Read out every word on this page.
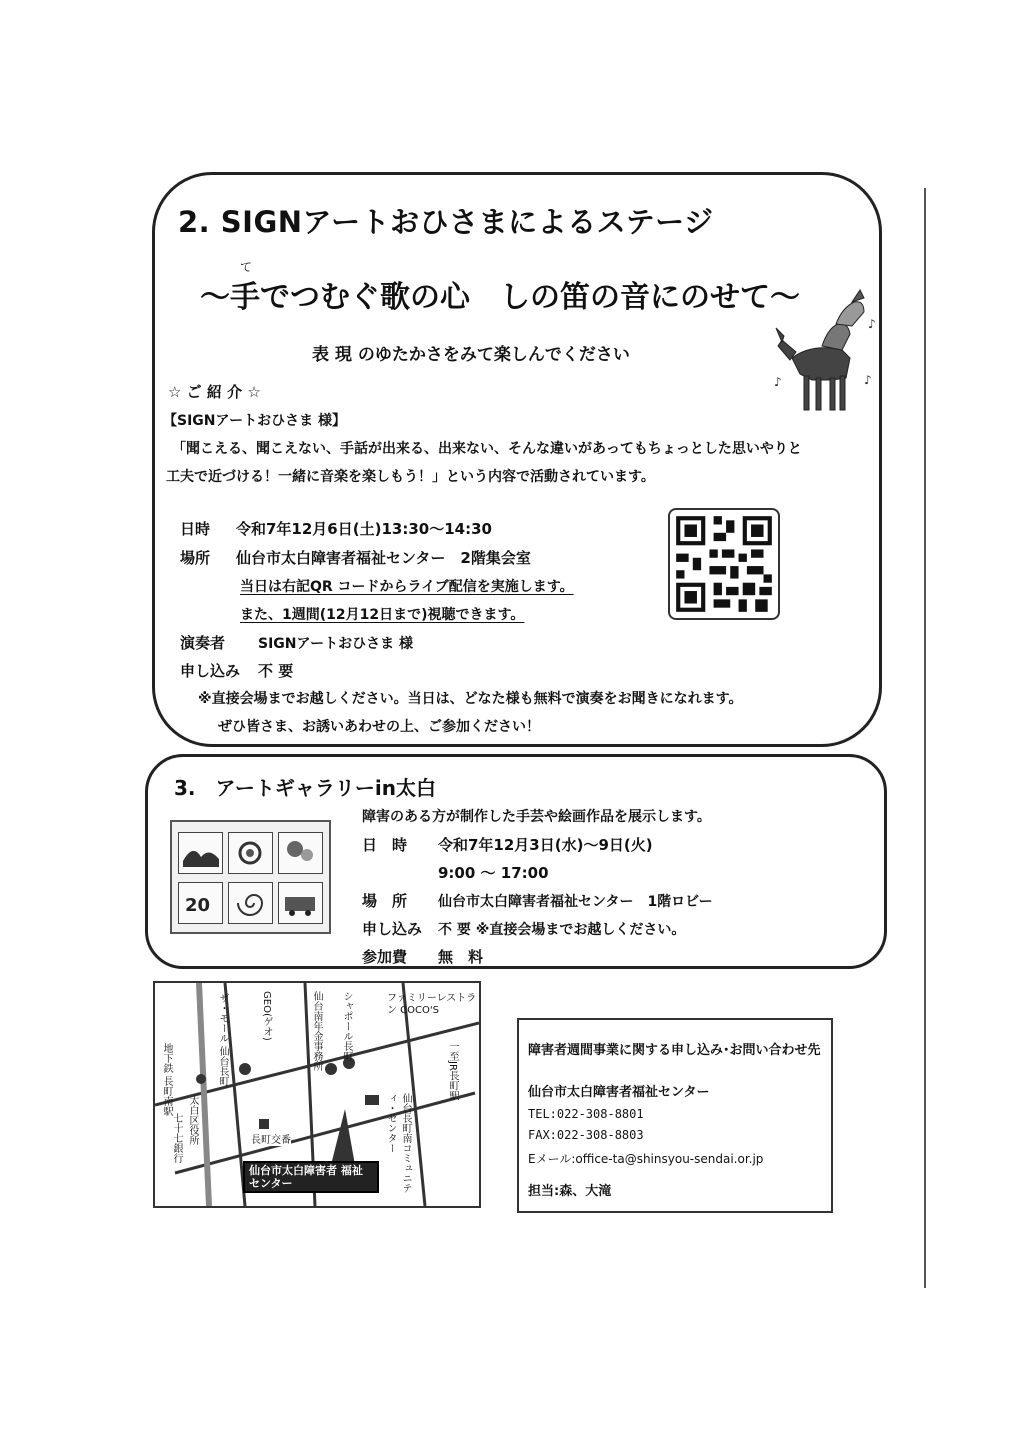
2. SIGNアートおひさまによるステージ
て
～手でつむぐ歌の心　しの笛の音にのせて～
表 現 のゆたかさをみて楽しんでください
♪
♪
♪
☆ ご 紹 介 ☆
【SIGNアートおひさま 様】
「聞こえる、聞こえない、手話が出来る、出来ない、そんな違いがあってもちょっとした思いやりと
工夫で近づける！一緒に音楽を楽しもう！」という内容で活動されています。
日時 令和7年12月6日(土)13:30～14:30
場所 仙台市太白障害者福祉センター　2階集会室
当日は右記QR コードからライブ配信を実施します。
また、1週間(12月12日まで)視聴できます。
演奏者 SIGNアートおひさま 様
申し込み 不 要
※直接会場までお越しください。当日は、どなた様も無料で演奏をお聞きになれます。
ぜひ皆さま、お誘いあわせの上、ご参加ください！
3.　アートギャラリーin太白
20
障害のある方が制作した手芸や絵画作品を展示します。
日　時 令和7年12月3日(水)～9日(火)
9:00 ～ 17:00
場　所 仙台市太白障害者福祉センター　1階ロビー
申し込み 不 要 ※直接会場までお越しください。
参加費 無　料
ザ・モール 仙台長町	GEO(ゲオ)	仙台南年金事務所 シャポール長町	ファミリーレストラン COCO'S
一至JR長町駅
地下鉄 長町南駅
太白区役所
七十七銀行	長町交番	仙台長町南コミュニティ・センター
仙台市太白障害者 福祉センター
障害者週間事業に関する申し込み･お問い合わせ先
仙台市太白障害者福祉センター
TEL:022-308-8801
FAX:022-308-8803
Eメール:office-ta@shinsyou-sendai.or.jp
担当:森、大滝
